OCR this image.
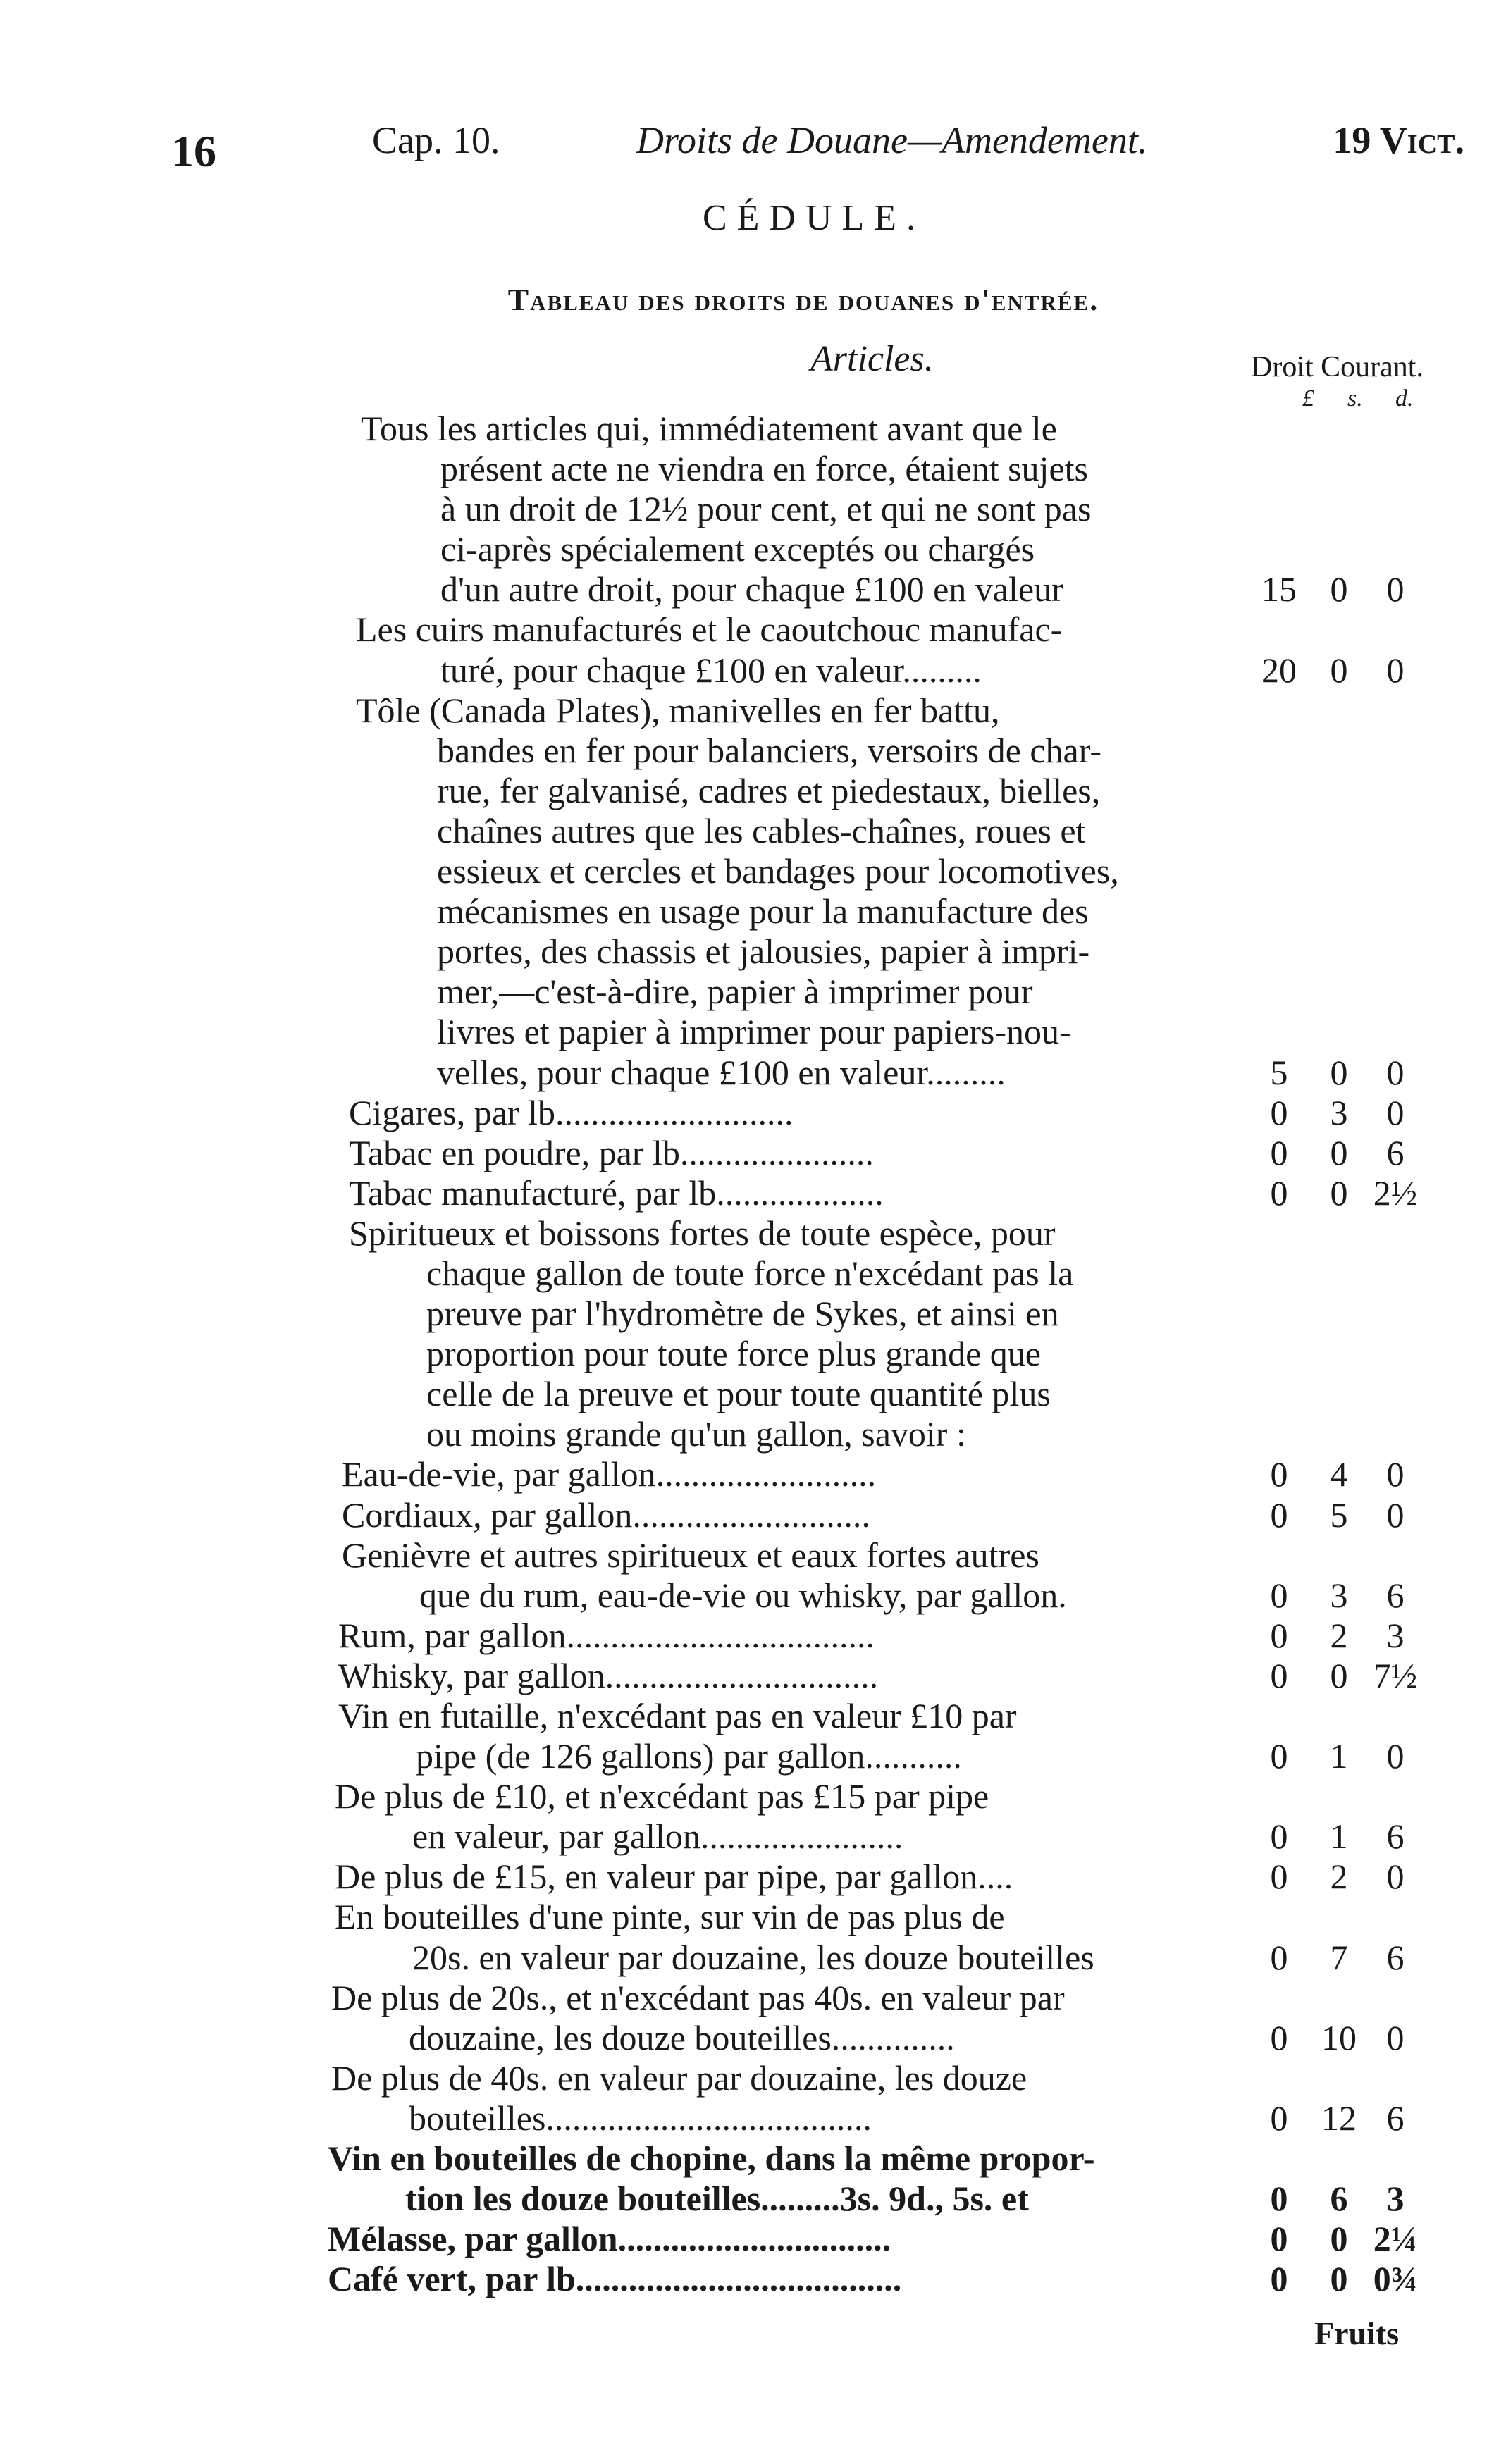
16	Cap. 10.	Droits de Douane—Amendement.	19 Vict.
CÉDULE.
Tableau des droits de douanes d'entrée.
Articles.	Droit Courant.
£ s. d.
Tous les articles qui, immédiatement avant que le
présent acte ne viendra en force, étaient sujets
à un droit de 12½ pour cent, et qui ne sont pas
ci-après spécialement exceptés ou chargés
d'un autre droit, pour chaque £100 en valeur	15 0	0
Les cuirs manufacturés et le caoutchouc manufac-
turé, pour chaque £100 en valeur.........	20 0	0
Tôle (Canada Plates), manivelles en fer battu,
bandes en fer pour balanciers, versoirs de char-
rue, fer galvanisé, cadres et piedestaux, bielles,
chaînes autres que les cables-chaînes, roues et
essieux et cercles et bandages pour locomotives,
mécanismes en usage pour la manufacture des
portes, des chassis et jalousies, papier à impri-
mer,—c'est-à-dire, papier à imprimer pour
livres et papier à imprimer pour papiers-nou-
velles, pour chaque £100 en valeur.........	5	0	0
Cigares, par lb...........................	0	3	0
Tabac en poudre, par lb......................	0	0	6
Tabac manufacturé, par lb...................	0	0 2½
Spiritueux et boissons fortes de toute espèce, pour
chaque gallon de toute force n'excédant pas la
preuve par l'hydromètre de Sykes, et ainsi en
proportion pour toute force plus grande que
celle de la preuve et pour toute quantité plus
ou moins grande qu'un gallon, savoir :
Eau-de-vie, par gallon.........................	0	4	0
Cordiaux, par gallon...........................	0	5	0
Genièvre et autres spiritueux et eaux fortes autres
que du rum, eau-de-vie ou whisky, par gallon.	0	3	6
Rum, par gallon...................................	0	2	3
Whisky, par gallon...............................	0	0 7½
Vin en futaille, n'excédant pas en valeur £10 par
pipe (de 126 gallons) par gallon...........	0	1	0
De plus de £10, et n'excédant pas £15 par pipe
en valeur, par gallon.......................	0	1	6
De plus de £15, en valeur par pipe, par gallon....	0	2	0
En bouteilles d'une pinte, sur vin de pas plus de
20s. en valeur par douzaine, les douze bouteilles	0	7	6
De plus de 20s., et n'excédant pas 40s. en valeur par
douzaine, les douze bouteilles..............	0 10 0
De plus de 40s. en valeur par douzaine, les douze
bouteilles.....................................	0 12 6
Vin en bouteilles de chopine, dans la même propor-
tion les douze bouteilles.........3s. 9d., 5s. et	0	6	3
Mélasse, par gallon...............................	0	0 2¼
Café vert, par lb.....................................	0	0 0¾
Fruits
